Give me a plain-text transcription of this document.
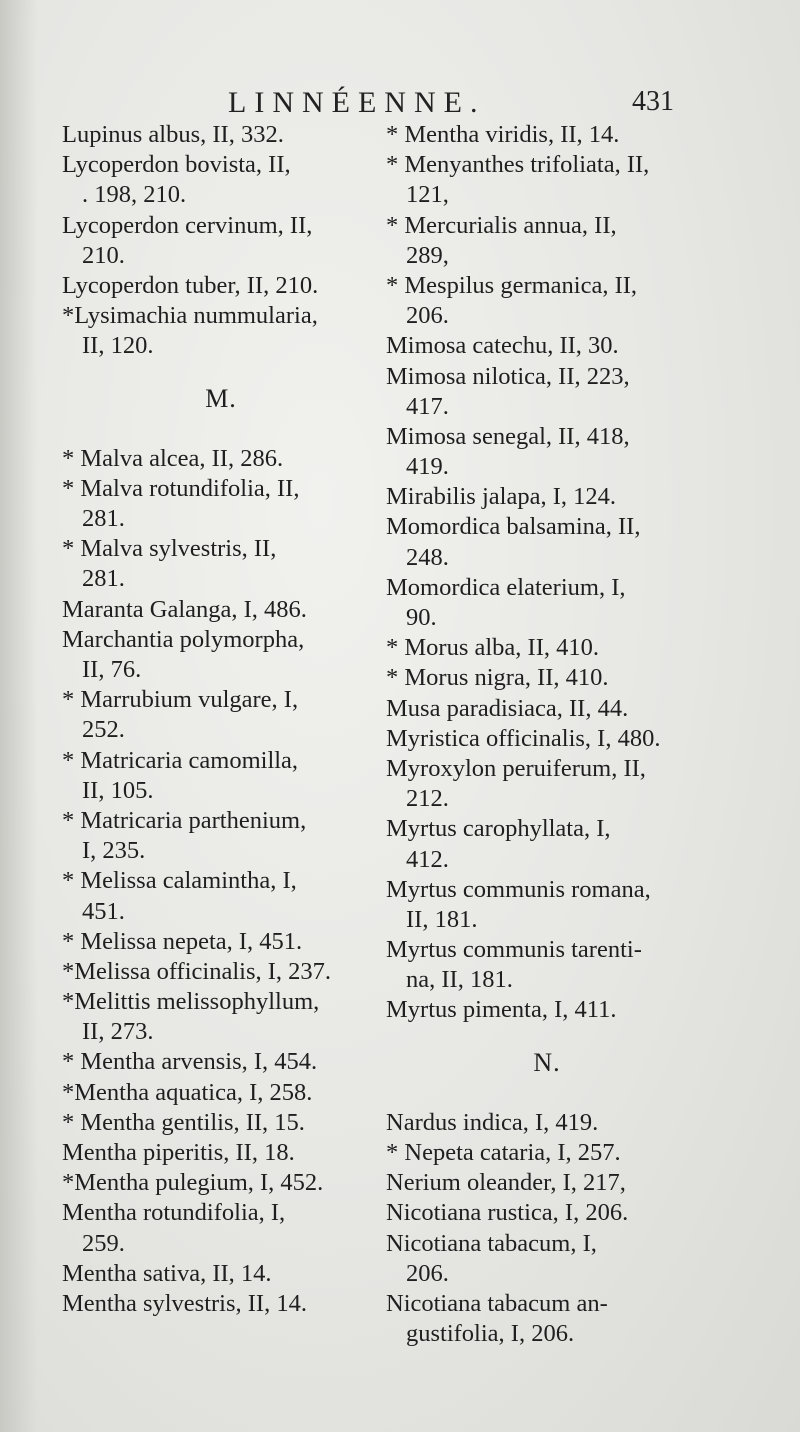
LINNÉENNE.	431
Lupinus albus, II, 332.
Lycoperdon bovista, II,
. 198, 210.
Lycoperdon cervinum, II,
210.
Lycoperdon tuber, II, 210.
*Lysimachia nummularia,
II, 120.
M.
* Malva alcea, II, 286.
* Malva rotundifolia, II,
281.
* Malva sylvestris, II,
281.
Maranta Galanga, I, 486.
Marchantia polymorpha,
II, 76.
* Marrubium vulgare, I,
252.
* Matricaria camomilla,
II, 105.
* Matricaria parthenium,
I, 235.
* Melissa calamintha, I,
451.
* Melissa nepeta, I, 451.
*Melissa officinalis, I, 237.
*Melittis melissophyllum,
II, 273.
* Mentha arvensis, I, 454.
*Mentha aquatica, I, 258.
* Mentha gentilis, II, 15.
Mentha piperitis, II, 18.
*Mentha pulegium, I, 452.
Mentha rotundifolia, I,
259.
Mentha sativa, II, 14.
Mentha sylvestris, II, 14.
* Mentha viridis, II, 14.
* Menyanthes trifoliata, II,
121,
* Mercurialis annua, II,
289,
* Mespilus germanica, II,
206.
Mimosa catechu, II, 30.
Mimosa nilotica, II, 223,
417.
Mimosa senegal, II, 418,
419.
Mirabilis jalapa, I, 124.
Momordica balsamina, II,
248.
Momordica elaterium, I,
90.
* Morus alba, II, 410.
* Morus nigra, II, 410.
Musa paradisiaca, II, 44.
Myristica officinalis, I, 480.
Myroxylon peruiferum, II,
212.
Myrtus carophyllata, I,
412.
Myrtus communis romana,
II, 181.
Myrtus communis tarenti-
na, II, 181.
Myrtus pimenta, I, 411.
N.
Nardus indica, I, 419.
* Nepeta cataria, I, 257.
Nerium oleander, I, 217,
Nicotiana rustica, I, 206.
Nicotiana tabacum, I,
206.
Nicotiana tabacum an-
gustifolia, I, 206.
